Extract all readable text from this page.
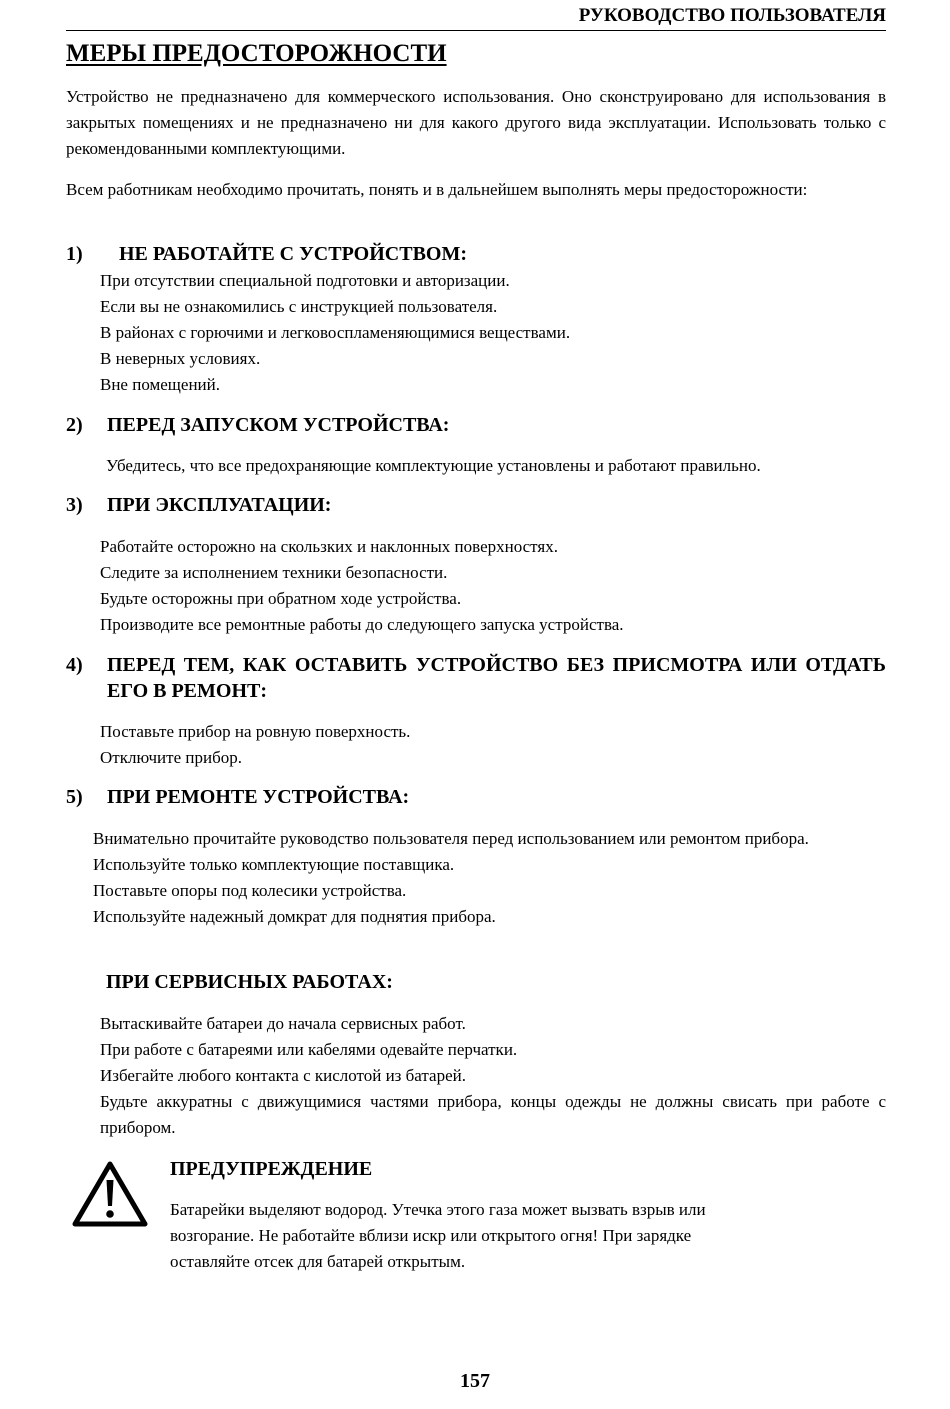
РУКОВОДСТВО ПОЛЬЗОВАТЕЛЯ
МЕРЫ ПРЕДОСТОРОЖНОСТИ
Устройство не предназначено для коммерческого использования. Оно сконструировано для использования в закрытых помещениях и не предназначено ни для какого другого вида эксплуатации. Использовать только с рекомендованными комплектующими.
Всем работникам необходимо прочитать, понять и в дальнейшем выполнять меры предосторожности:
1) НЕ РАБОТАЙТЕ С УСТРОЙСТВОМ:
При отсутствии специальной подготовки и авторизации.
Если вы не ознакомились с инструкцией пользователя.
В районах с горючими и легковоспламеняющимися веществами.
В неверных условиях.
Вне помещений.
2) ПЕРЕД ЗАПУСКОМ УСТРОЙСТВА:
Убедитесь, что все предохраняющие комплектующие установлены и работают правильно.
3) ПРИ ЭКСПЛУАТАЦИИ:
Работайте осторожно на скользких и наклонных поверхностях.
Следите за исполнением техники безопасности.
Будьте осторожны при обратном ходе устройства.
Производите все ремонтные работы до следующего запуска устройства.
4) ПЕРЕД ТЕМ, КАК ОСТАВИТЬ УСТРОЙСТВО БЕЗ ПРИСМОТРА ИЛИ ОТДАТЬ ЕГО В РЕМОНТ:
Поставьте прибор на ровную поверхность.
Отключите прибор.
5) ПРИ РЕМОНТЕ УСТРОЙСТВА:
Внимательно прочитайте руководство пользователя перед использованием или ремонтом прибора.
Используйте только комплектующие поставщика.
Поставьте опоры под колесики устройства.
Используйте надежный домкрат для поднятия прибора.
ПРИ СЕРВИСНЫХ РАБОТАХ:
Вытаскивайте батареи до начала сервисных работ.
При работе с батареями или кабелями одевайте перчатки.
Избегайте любого контакта с кислотой из батарей.
Будьте аккуратны с движущимися частями прибора, концы одежды не должны свисать при работе с прибором.
ПРЕДУПРЕЖДЕНИЕ
Батарейки выделяют водород. Утечка этого газа может вызвать взрыв или
возгорание. Не работайте вблизи искр или открытого огня! При зарядке
оставляйте отсек для батарей открытым.
157
